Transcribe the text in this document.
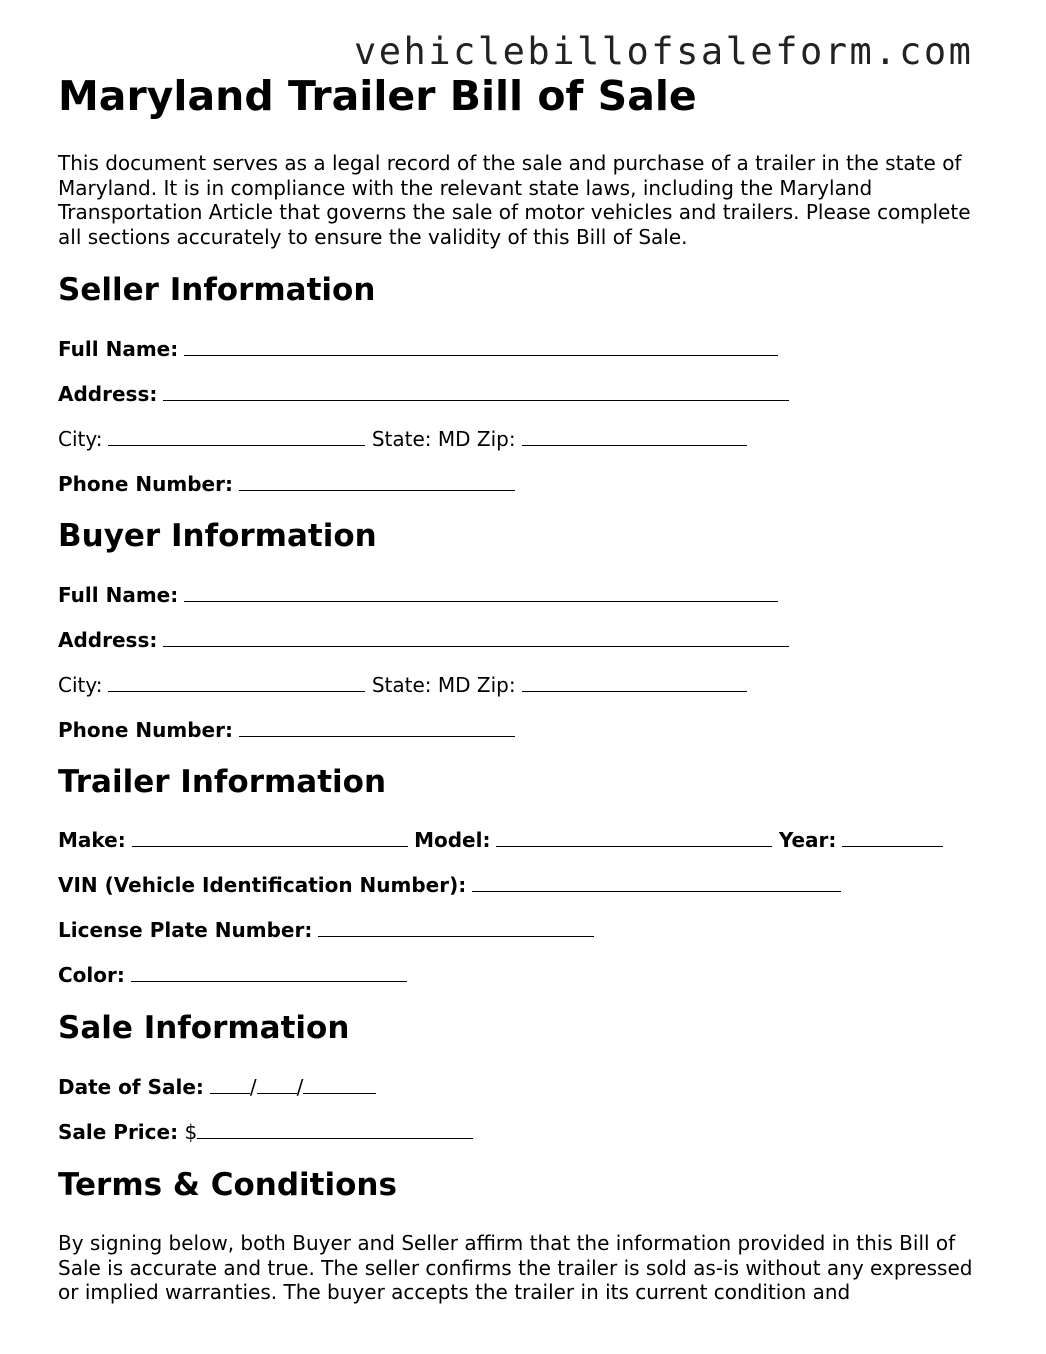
vehiclebillofsaleform.com
Maryland Trailer Bill of Sale

This document serves as a legal record of the sale and purchase of a trailer in the state of Maryland. It is in compliance with the relevant state laws, including the Maryland Transportation Article that governs the sale of motor vehicles and trailers. Please complete all sections accurately to ensure the validity of this Bill of Sale.

Seller Information
Full Name:
Address:
City:	State: MD Zip:
Phone Number:
Buyer Information
Full Name:
Address:
City:	State: MD Zip:
Phone Number:
Trailer Information
Make:	Model:	Year:
VIN (Vehicle Identification Number):
License Plate Number:
Color:
Sale Information
Date of Sale: / /
Sale Price: $
Terms & Conditions

By signing below, both Buyer and Seller affirm that the information provided in this Bill of Sale is accurate and true. The seller confirms the trailer is sold as-is without any expressed or implied warranties. The buyer accepts the trailer in its current condition and
